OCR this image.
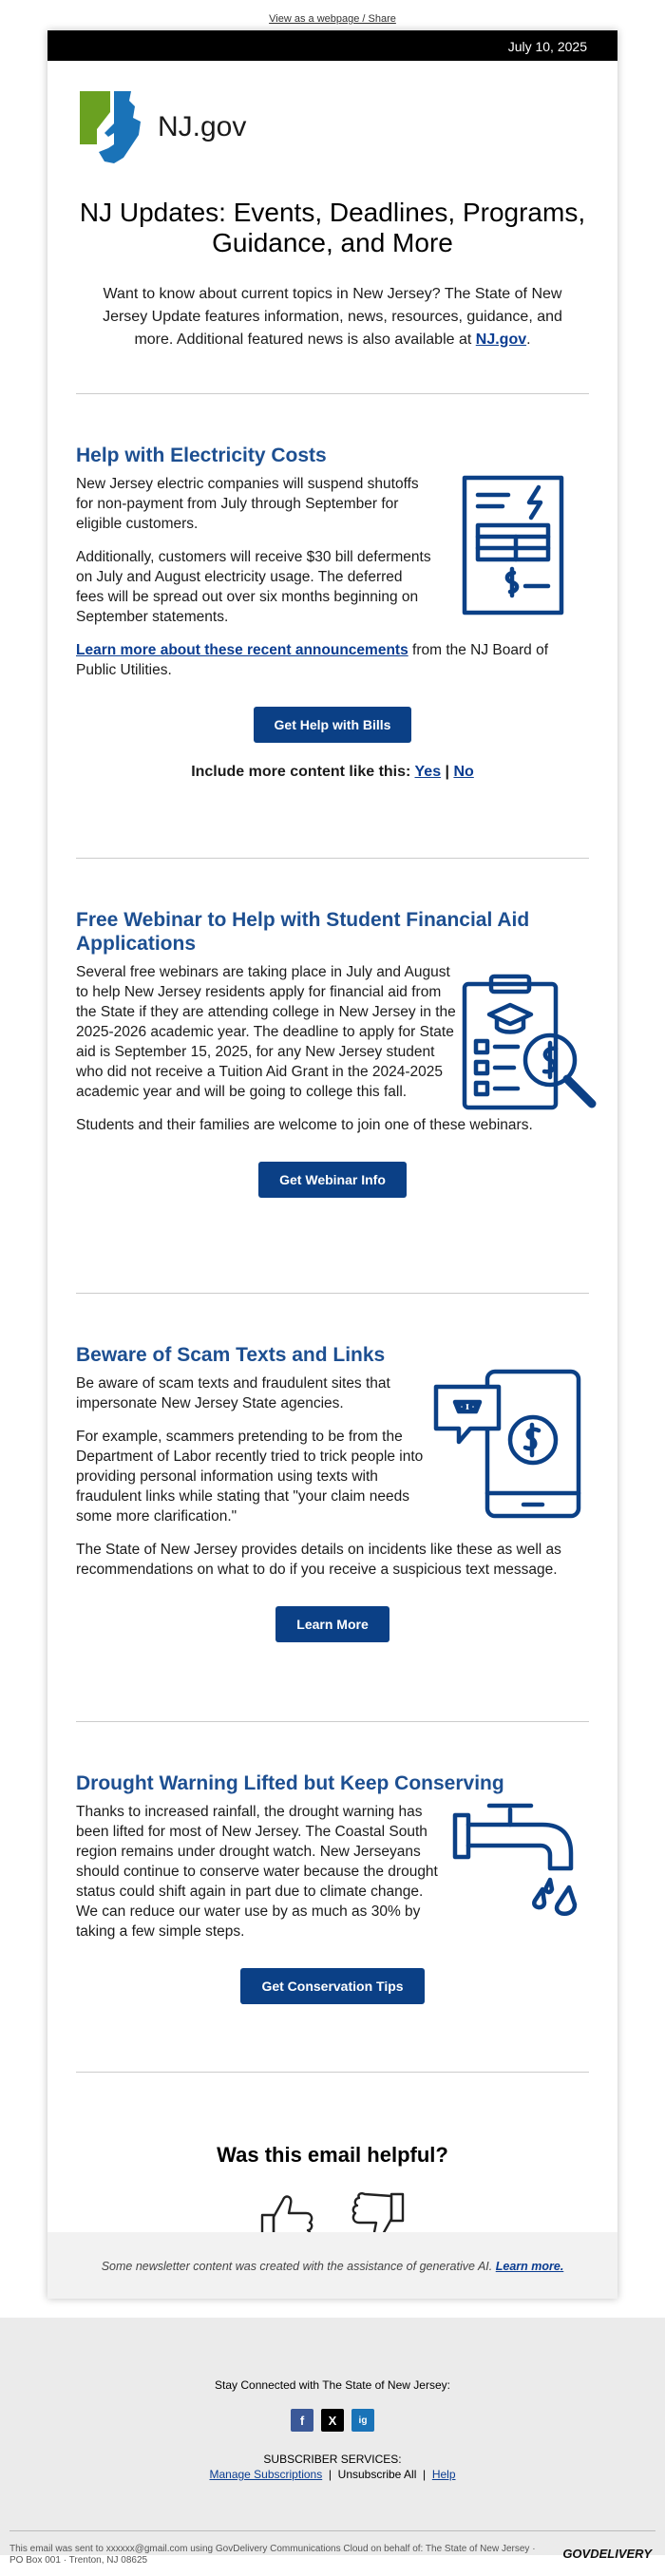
View as a webpage / Share
July 10, 2025
NJ.gov
NJ Updates: Events, Deadlines, Programs, Guidance, and More

Want to know about current topics in New Jersey? The State of New Jersey Update features information, news, resources, guidance, and more. Additional featured news is also available at NJ.gov.

Help with Electricity Costs

New Jersey electric companies will suspend shutoffs for non-payment from July through September for eligible customers.

Additionally, customers will receive $30 bill deferments on July and August electricity usage. The deferred fees will be spread out over six months beginning on September statements.

Learn more about these recent announcements from the NJ Board of Public Utilities.

Get Help with Bills
Include more content like this: Yes | No
Free Webinar to Help with Student Financial Aid Applications

Several free webinars are taking place in July and August to help New Jersey residents apply for financial aid from the State if they are attending college in New Jersey in the 2025-2026 academic year. The deadline to apply for State aid is September 15, 2025, for any New Jersey student who did not receive a Tuition Aid Grant in the 2024-2025 academic year and will be going to college this fall.

Students and their families are welcome to join one of these webinars.

Get Webinar Info
Beware of Scam Texts and Links

Be aware of scam texts and fraudulent sites that impersonate New Jersey State agencies.

For example, scammers pretending to be from the Department of Labor recently tried to trick people into providing personal information using texts with fraudulent links while stating that "your claim needs some more clarification."

The State of New Jersey provides details on incidents like these as well as recommendations on what to do if you receive a suspicious text message.

Learn More
Drought Warning Lifted but Keep Conserving

Thanks to increased rainfall, the drought warning has been lifted for most of New Jersey. The Coastal South region remains under drought watch. New Jerseyans should continue to conserve water because the drought status could shift again in part due to climate change. We can reduce our water use by as much as 30% by taking a few simple steps.

Get Conservation Tips
Was this email helpful?
Some newsletter content was created with the assistance of generative AI. Learn more.
Stay Connected with The State of New Jersey:
f	X	ig
SUBSCRIBER SERVICES:
Manage Subscriptions  |  Unsubscribe All  |  Help
This email was sent to xxxxxx@gmail.com using GovDelivery Communications Cloud on behalf of: The State of New Jersey ·
PO Box 001 · Trenton, NJ 08625	GOVDELIVERY
